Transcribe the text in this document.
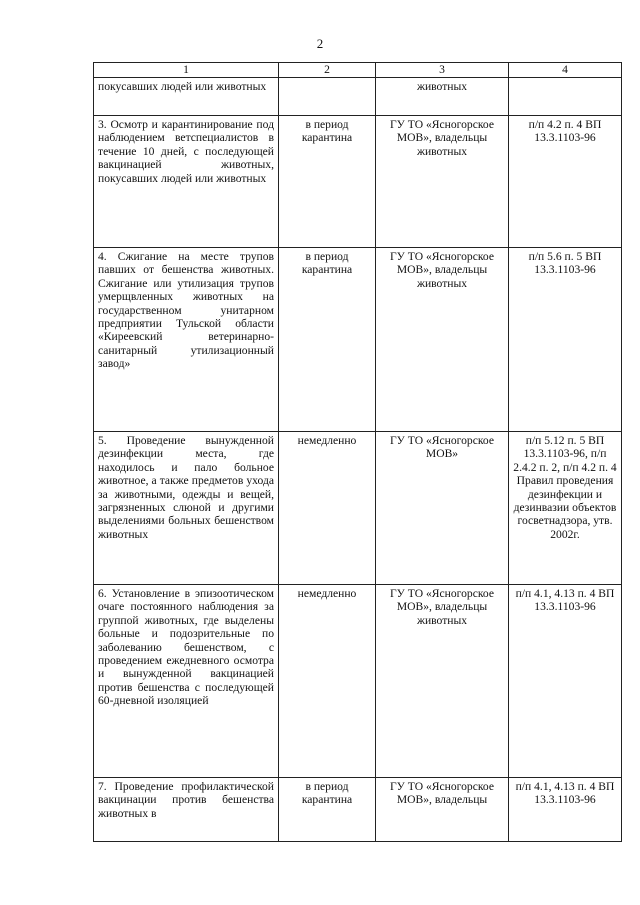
2
1	2	3	4

покусавших людей или животных		животных	

3. Осмотр и карантинирование под наблюдением ветспециалистов в течение 10 дней, с последующей вакцинацией животных, покусавших людей или животных	в период карантина	ГУ ТО «Ясногорское МОВ», владельцы животных	п/п 4.2 п. 4 ВП 13.3.1103-96

4. Сжигание на месте трупов павших от бешенства животных. Сжигание или утилизация трупов умерщвленных животных на государственном унитарном предприятии Тульской области «Киреевский ветеринарно-санитарный утилизационный завод»	в период карантина	ГУ ТО «Ясногорское МОВ», владельцы животных	п/п 5.6 п. 5 ВП 13.3.1103-96

5. Проведение вынужденной дезинфекции места, где находилось и пало больное животное, а также предметов ухода за животными, одежды и вещей, загрязненных слюной и другими выделениями больных бешенством животных	немедленно	ГУ ТО «Ясногорское МОВ»	п/п 5.12 п. 5 ВП 13.3.1103-96, п/п 2.4.2 п. 2, п/п 4.2 п. 4 Правил проведения дезинфекции и дезинвазии объектов госветнадзора, утв. 2002г.

6. Установление в эпизоотическом очаге постоянного наблюдения за группой животных, где выделены больные и подозрительные по заболеванию бешенством, с проведением ежедневного осмотра и вынужденной вакцинацией против бешенства с последующей 60-дневной изоляцией	немедленно	ГУ ТО «Ясногорское МОВ», владельцы животных	п/п 4.1, 4.13 п. 4 ВП 13.3.1103-96

7. Проведение профилактической вакцинации против бешенства животных в	в период карантина	ГУ ТО «Ясногорское МОВ», владельцы	п/п 4.1, 4.13 п. 4 ВП 13.3.1103-96
